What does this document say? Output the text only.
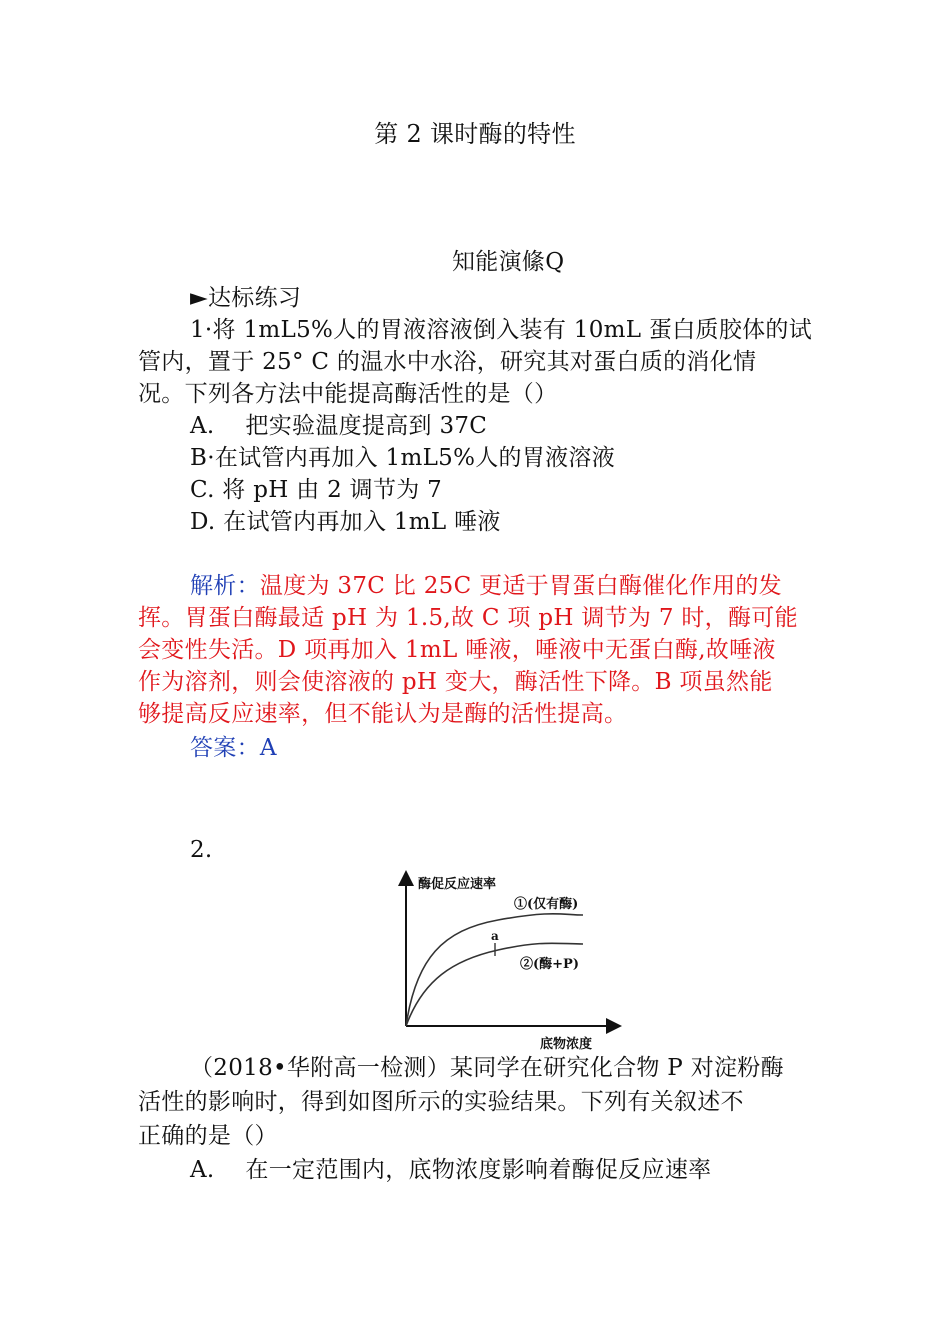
第 2 课时酶的特性
知能演絛Q
►达标练习
1·将 1mL5%人的胃液溶液倒入装有 10mL 蛋白质胶体的试
管内，置于 25° C 的温水中水浴，研究其对蛋白质的消化情
况。下列各方法中能提高酶活性的是（）
A.　 把实验温度提高到 37C
B·在试管内再加入 1mL5%人的胃液溶液
C. 将 pH 由 2 调节为 7
D. 在试管内再加入 1mL 唾液
解析：温度为 37C 比 25C 更适于胃蛋白酶催化作用的发
挥。胃蛋白酶最适 pH 为 1.5,故 C 项 pH 调节为 7 时，酶可能
会变性失活。D 项再加入 1mL 唾液，唾液中无蛋白酶,故唾液
作为溶剂，则会使溶液的 pH 变大，酶活性下降。B 项虽然能
够提高反应速率，但不能认为是酶的活性提高。
答案：A
2.
酶促反应速率
底物浓度
①(仅有酶)
②(酶+P)
a
（2018•华附高一检测）某同学在研究化合物 P 对淀粉酶
活性的影响时，得到如图所示的实验结果。下列有关叙述不
正确的是（）
A.　 在一定范围内，底物浓度影响着酶促反应速率
